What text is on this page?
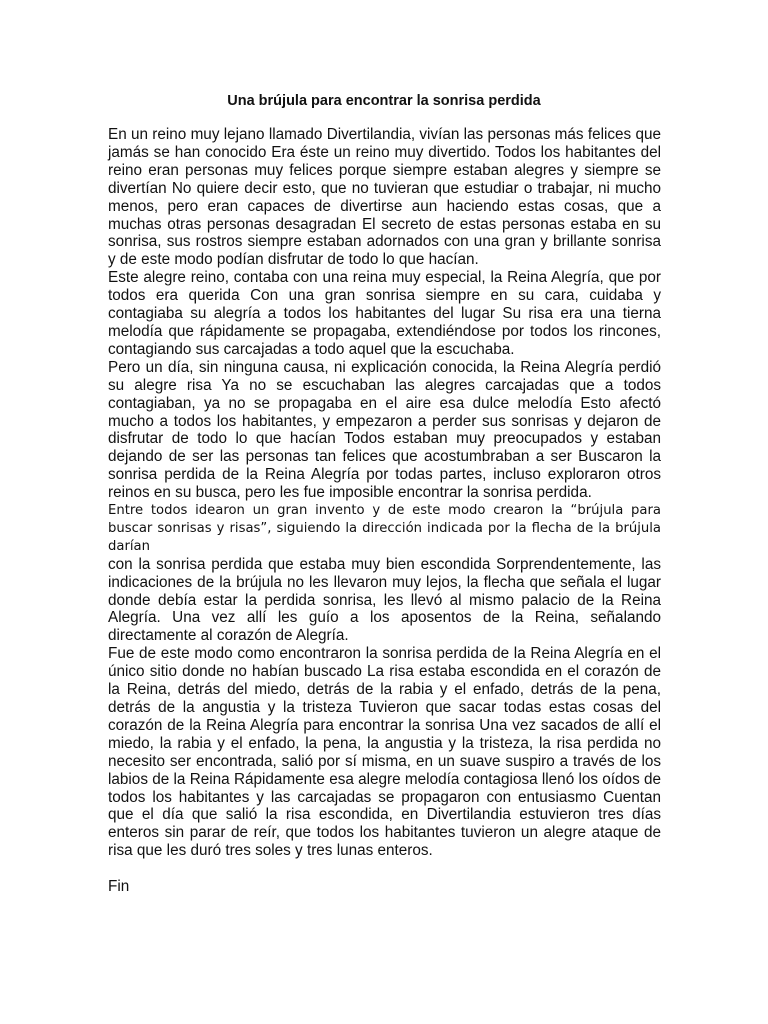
Una brújula para encontrar la sonrisa perdida

En un reino muy lejano llamado Divertilandia, vivían las personas más felices que jamás se han conocido Era éste un reino muy divertido. Todos los habitantes del reino eran personas muy felices porque siempre estaban alegres y siempre se divertían No quiere decir esto, que no tuvieran que estudiar o trabajar, ni mucho menos, pero eran capaces de divertirse aun haciendo estas cosas, que a muchas otras personas desagradan El secreto de estas personas estaba en su sonrisa, sus rostros siempre estaban adornados con una gran y brillante sonrisa y de este modo podían disfrutar de todo lo que hacían.

Este alegre reino, contaba con una reina muy especial, la Reina Alegría, que por todos era querida Con una gran sonrisa siempre en su cara, cuidaba y contagiaba su alegría a todos los habitantes del lugar Su risa era una tierna melodía que rápidamente se propagaba, extendiéndose por todos los rincones, contagiando sus carcajadas a todo aquel que la escuchaba.

Pero un día, sin ninguna causa, ni explicación conocida, la Reina Alegría perdió su alegre risa Ya no se escuchaban las alegres carcajadas que a todos contagiaban, ya no se propagaba en el aire esa dulce melodía Esto afectó mucho a todos los habitantes, y empezaron a perder sus sonrisas y dejaron de disfrutar de todo lo que hacían Todos estaban muy preocupados y estaban dejando de ser las personas tan felices que acostumbraban a ser Buscaron la sonrisa perdida de la Reina Alegría por todas partes, incluso exploraron otros reinos en su busca, pero les fue imposible encontrar la sonrisa perdida.

Entre todos idearon un gran invento y de este modo crearon la “brújula para buscar sonrisas y risas”, siguiendo la dirección indicada por la flecha de la brújula darían

con la sonrisa perdida que estaba muy bien escondida Sorprendentemente, las indicaciones de la brújula no les llevaron muy lejos, la flecha que señala el lugar donde debía estar la perdida sonrisa, les llevó al mismo palacio de la Reina Alegría. Una vez allí les guío a los aposentos de la Reina, señalando directamente al corazón de Alegría.

Fue de este modo como encontraron la sonrisa perdida de la Reina Alegría en el único sitio donde no habían buscado La risa estaba escondida en el corazón de la Reina, detrás del miedo, detrás de la rabia y el enfado, detrás de la pena, detrás de la angustia y la tristeza Tuvieron que sacar todas estas cosas del corazón de la Reina Alegría para encontrar la sonrisa Una vez sacados de allí el miedo, la rabia y el enfado, la pena, la angustia y la tristeza, la risa perdida no necesito ser encontrada, salió por sí misma, en un suave suspiro a través de los labios de la Reina Rápidamente esa alegre melodía contagiosa llenó los oídos de todos los habitantes y las carcajadas se propagaron con entusiasmo Cuentan que el día que salió la risa escondida, en Divertilandia estuvieron tres días enteros sin parar de reír, que todos los habitantes tuvieron un alegre ataque de risa que les duró tres soles y tres lunas enteros.

Fin
